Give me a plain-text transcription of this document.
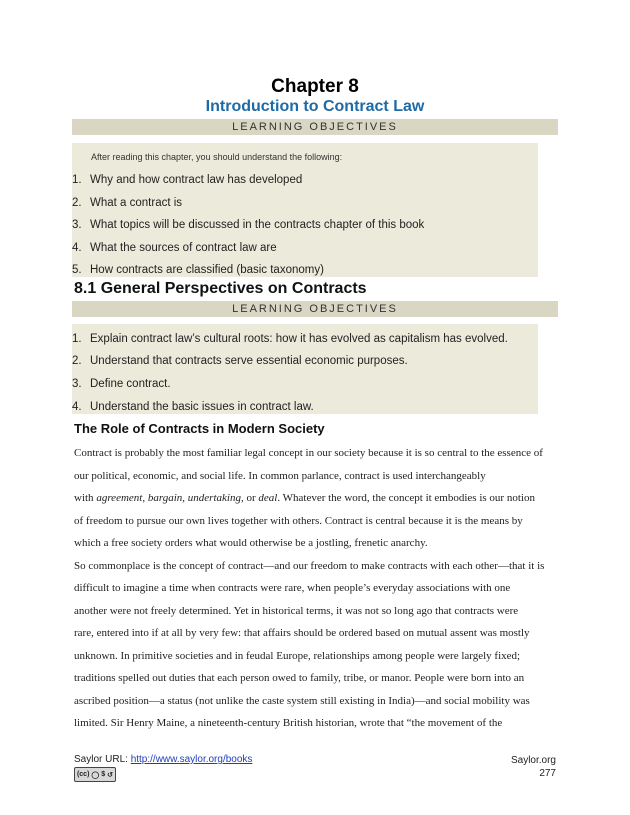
Chapter 8
Introduction to Contract Law
LEARNING OBJECTIVES
After reading this chapter, you should understand the following:
1. Why and how contract law has developed
2. What a contract is
3. What topics will be discussed in the contracts chapter of this book
4. What the sources of contract law are
5. How contracts are classified (basic taxonomy)
8.1 General Perspectives on Contracts
LEARNING OBJECTIVES
1. Explain contract law’s cultural roots: how it has evolved as capitalism has evolved.
2. Understand that contracts serve essential economic purposes.
3. Define contract.
4. Understand the basic issues in contract law.
The Role of Contracts in Modern Society
Contract is probably the most familiar legal concept in our society because it is so central to the essence of
our political, economic, and social life. In common parlance, contract is used interchangeably
with agreement, bargain, undertaking, or deal. Whatever the word, the concept it embodies is our notion
of freedom to pursue our own lives together with others. Contract is central because it is the means by
which a free society orders what would otherwise be a jostling, frenetic anarchy.
So commonplace is the concept of contract—and our freedom to make contracts with each other—that it is
difficult to imagine a time when contracts were rare, when people’s everyday associations with one
another were not freely determined. Yet in historical terms, it was not so long ago that contracts were
rare, entered into if at all by very few: that affairs should be ordered based on mutual assent was mostly
unknown. In primitive societies and in feudal Europe, relationships among people were largely fixed;
traditions spelled out duties that each person owed to family, tribe, or manor. People were born into an
ascribed position—a status (not unlike the caste system still existing in India)—and social mobility was
limited. Sir Henry Maine, a nineteenth-century British historian, wrote that “the movement of the
Saylor URL: http://www.saylor.org/books	Saylor.org
277
(cc) ◯ $ ↺
